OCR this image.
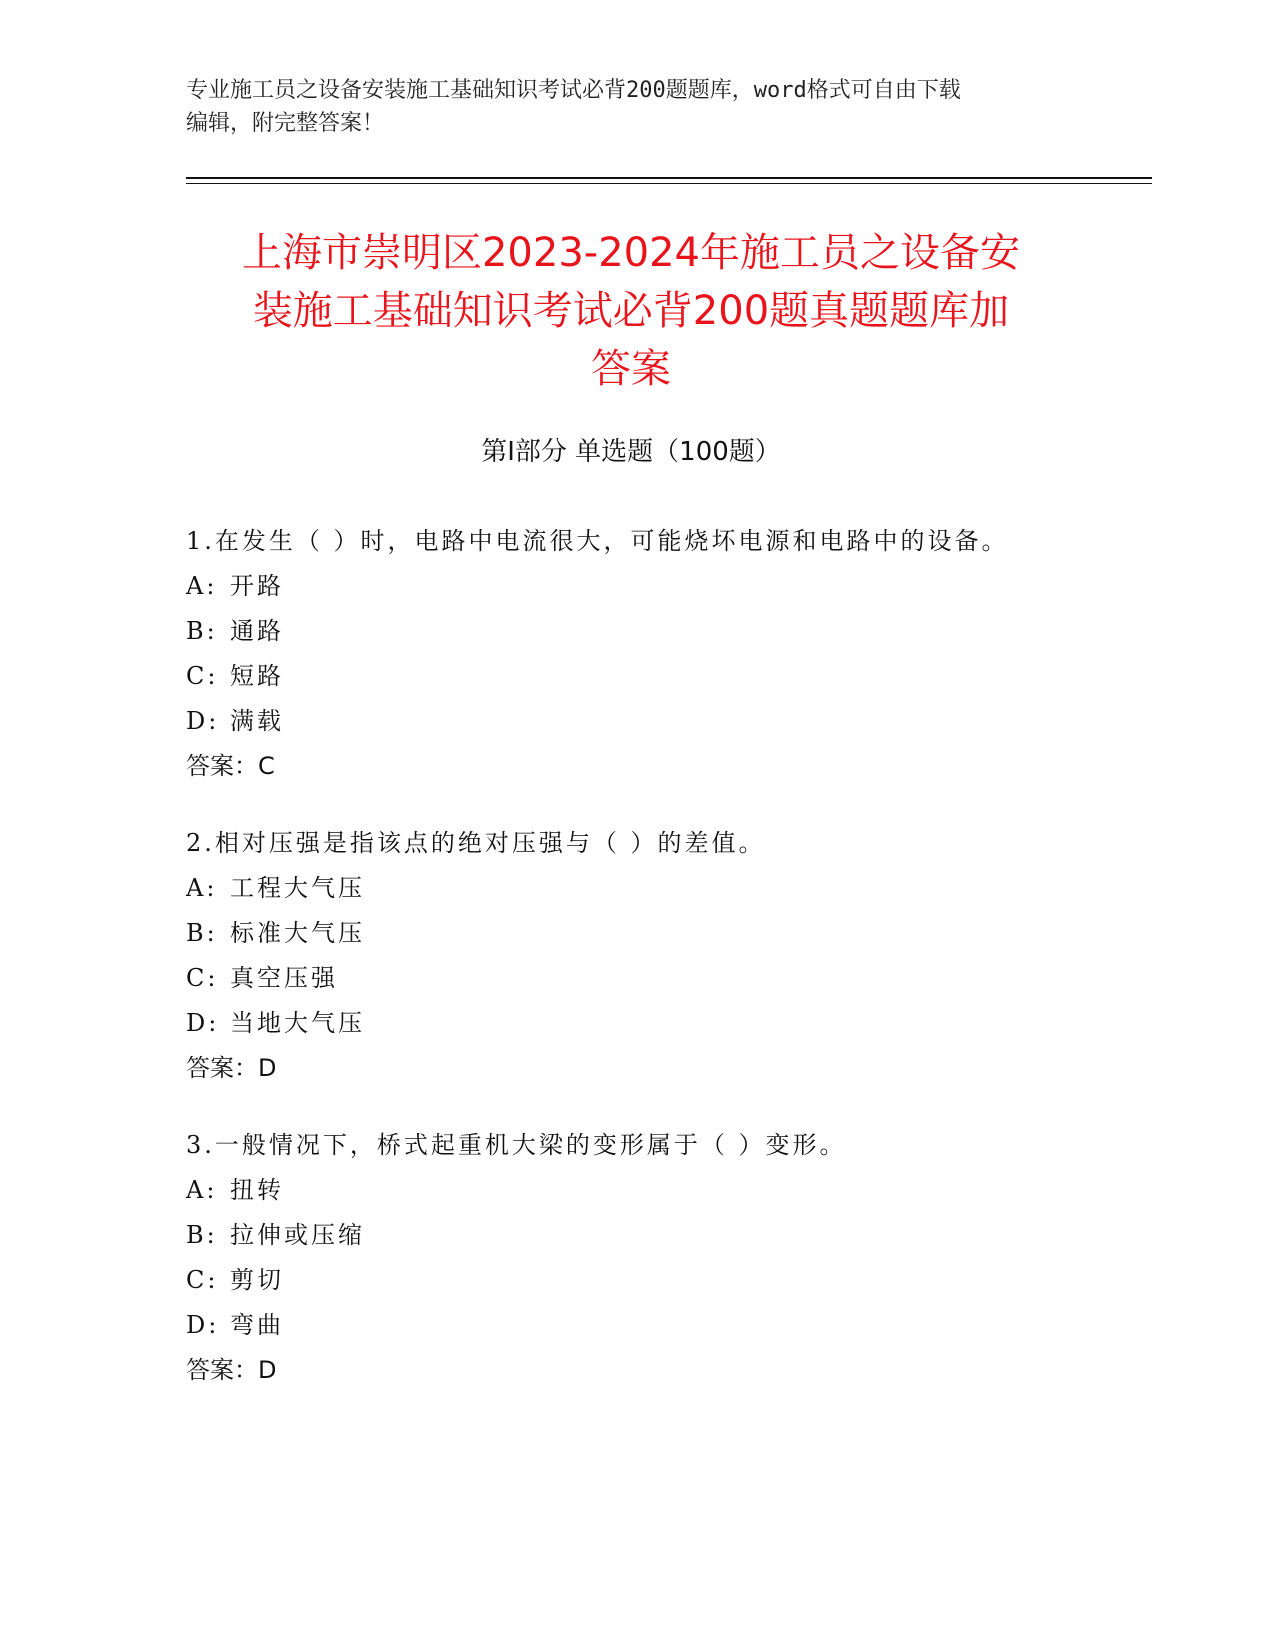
专业施工员之设备安装施工基础知识考试必背200题题库，word格式可自由下载
编辑，附完整答案！
上海市崇明区2023-2024年施工员之设备安
装施工基础知识考试必背200题真题题库加
答案
第Ⅰ部分 单选题（100题）
1.在发生（ ）时，电路中电流很大，可能烧坏电源和电路中的设备。
A: 开路
B: 通路
C: 短路
D: 满载
答案：C
2.相对压强是指该点的绝对压强与（ ）的差值。
A: 工程大气压
B: 标准大气压
C: 真空压强
D: 当地大气压
答案：D
3.一般情况下，桥式起重机大梁的变形属于（ ）变形。
A: 扭转
B: 拉伸或压缩
C: 剪切
D: 弯曲
答案：D
